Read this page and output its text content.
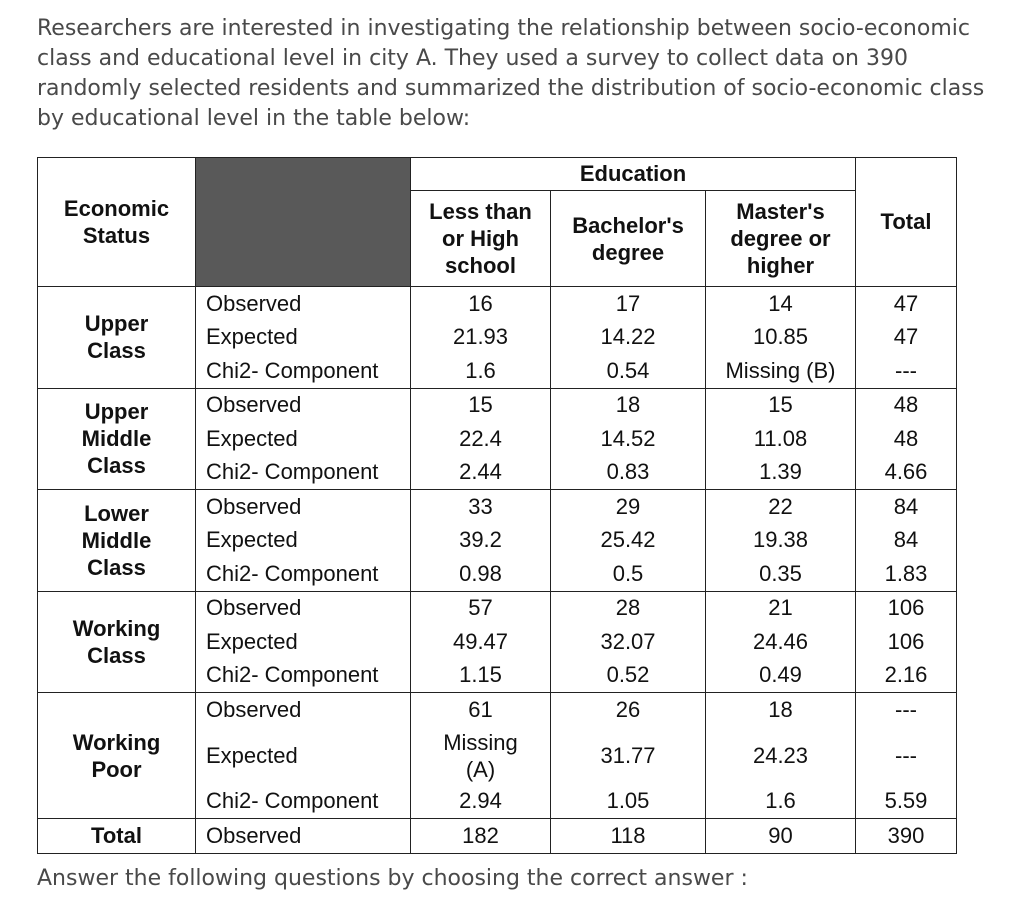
Researchers are interested in investigating the relationship between socio-economic class and educational level in city A. They used a survey to collect data on 390 randomly selected residents and summarized the distribution of socio-economic class by educational level in the table below:

Economic Status		Education			Total
		Less than or High school	Bachelor's degree	Master's degree or higher	
Upper Class	Observed	16	17	14	47
	Expected	21.93	14.22	10.85	47
	Chi2- Component	1.6	0.54	Missing (B)	---
Upper Middle Class	Observed	15	18	15	48
	Expected	22.4	14.52	11.08	48
	Chi2- Component	2.44	0.83	1.39	4.66
Lower Middle Class	Observed	33	29	22	84
	Expected	39.2	25.42	19.38	84
	Chi2- Component	0.98	0.5	0.35	1.83
Working Class	Observed	57	28	21	106
	Expected	49.47	32.07	24.46	106
	Chi2- Component	1.15	0.52	0.49	2.16
Working Poor	Observed	61	26	18	---
	Expected	Missing (A)	31.77	24.23	---
	Chi2- Component	2.94	1.05	1.6	5.59
Total	Observed	182	118	90	390

Answer the following questions by choosing the correct answer :
